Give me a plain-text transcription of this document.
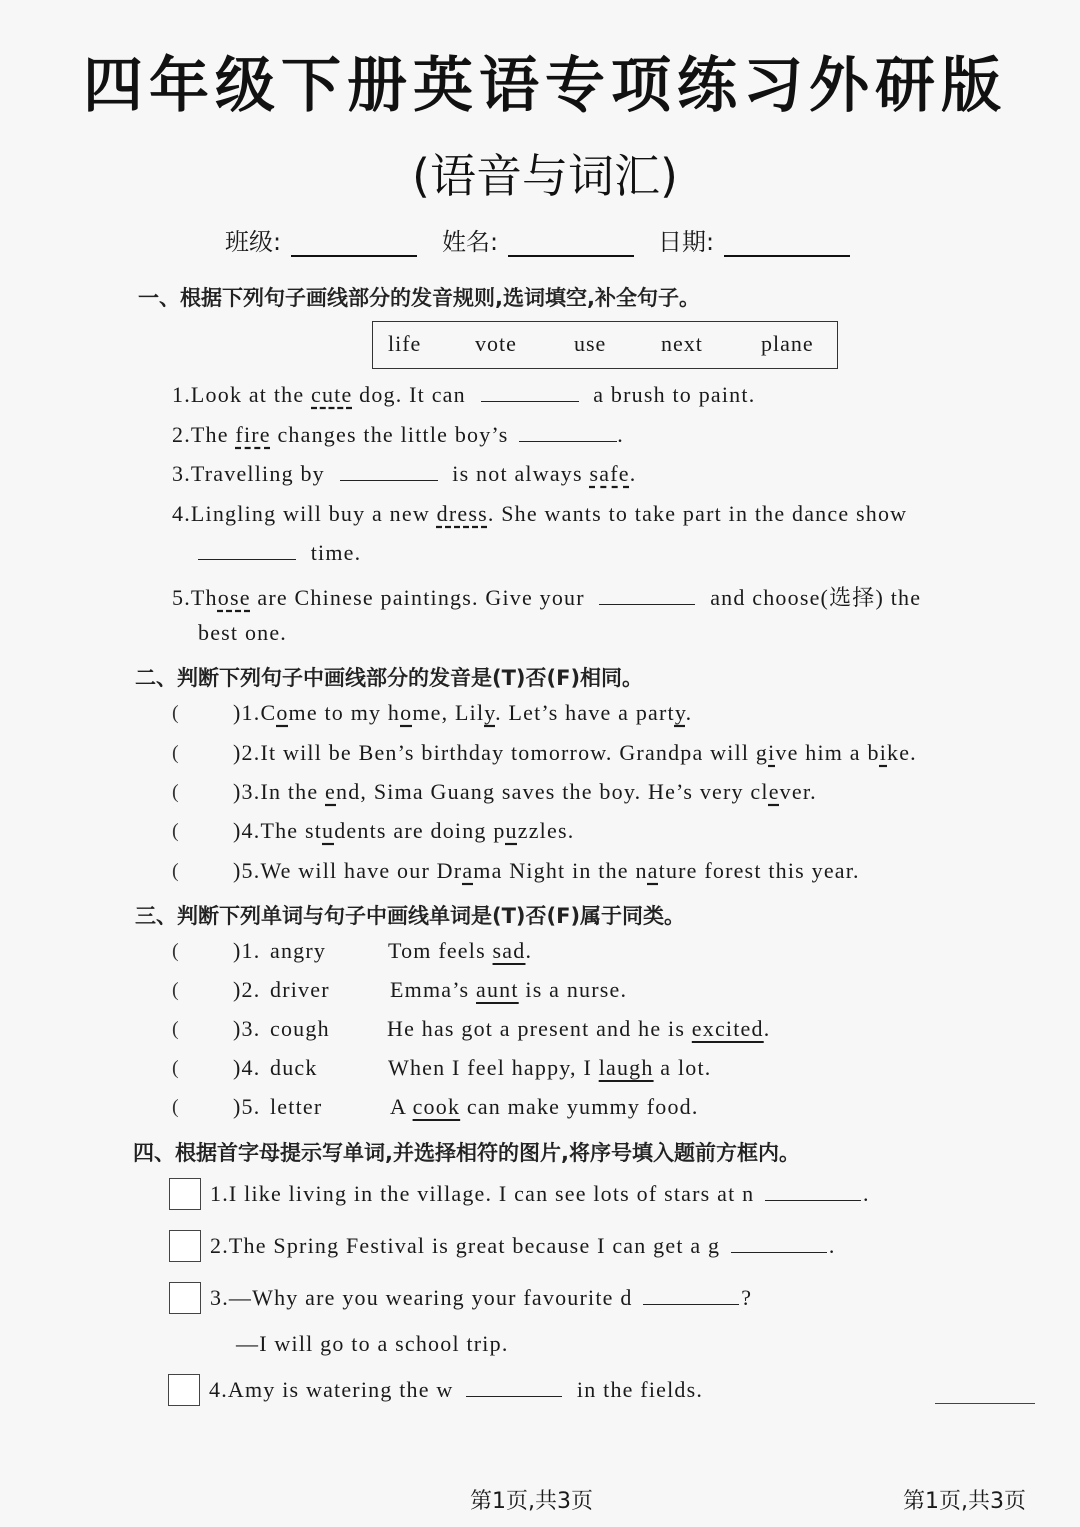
四年级下册英语专项练习外研版
(语音与词汇)
班级:	姓名:	日期:
一、根据下列句子画线部分的发音规则,选词填空,补全句子。
life vote	use next	plane
1.Look at the cute dog. It can	a brush to paint.
2.The fire changes the little boy’s	.
3.Travelling by	is not always safe.
4.Lingling will buy a new dress. She wants to take part in the dance show
time.
5.Those are Chinese paintings. Give your	and choose(选择) the
best one.
二、判断下列句子中画线部分的发音是(T)否(F)相同。
( )1.Come to my home, Lily. Let’s have a party.
( )2.It will be Ben’s birthday tomorrow. Grandpa will give him a bike.
( )3.In the end, Sima Guang saves the boy. He’s very clever.
( )4.The students are doing puzzles.
( )5.We will have our Drama Night in the nature forest this year.
三、判断下列单词与句子中画线单词是(T)否(F)属于同类。
( )1. angry	Tom feels sad.
( )2. driver	Emma’s aunt is a nurse.
( )3. cough	He has got a present and he is excited.
( )4. duck	When I feel happy, I laugh a lot.
( )5. letter	A cook can make yummy food.
四、根据首字母提示写单词,并选择相符的图片,将序号填入题前方框内。
1.I like living in the village. I can see lots of stars at n	.
2.The Spring Festival is great because I can get a g	.
3.—Why are you wearing your favourite d	?
—I will go to a school trip.
4.Amy is watering the w	in the fields.
第1页,共3页	第1页,共3页
